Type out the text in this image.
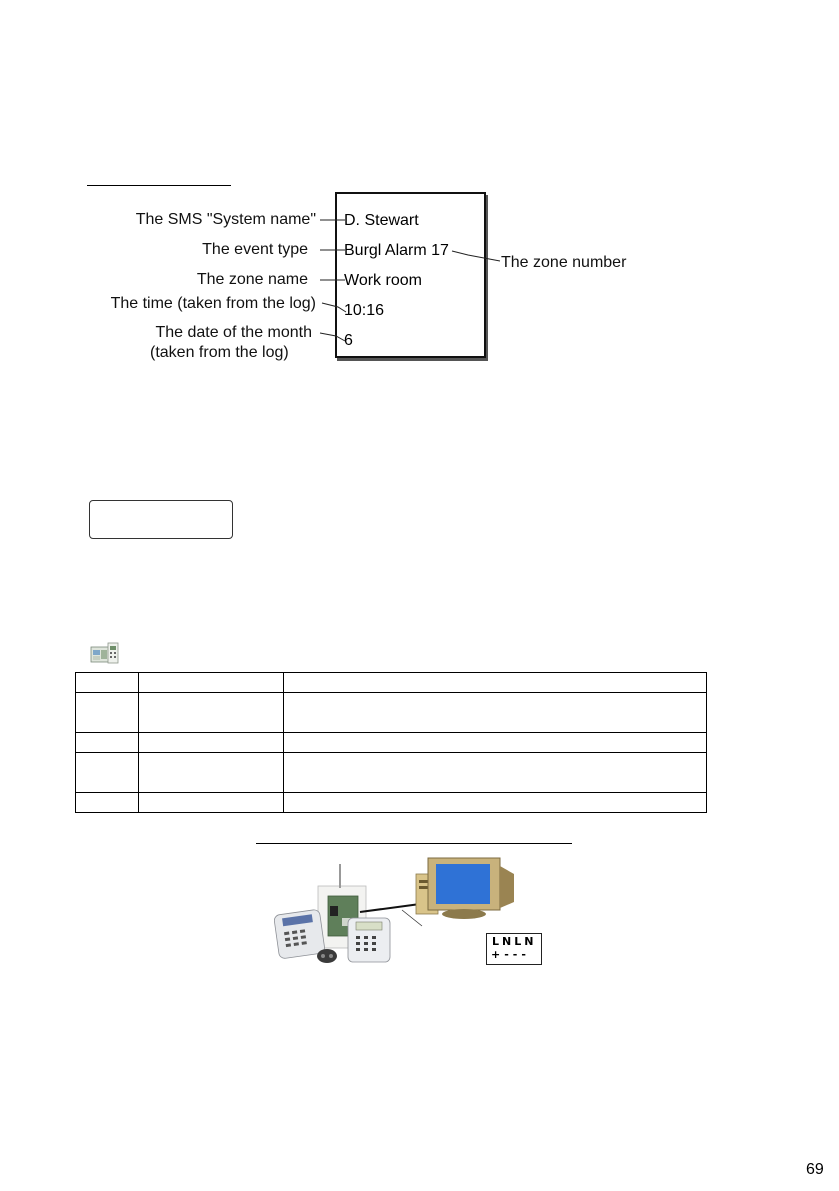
D. Stewart
Burgl Alarm 17
Work room
10:16
6
The SMS "System name"
The event type
The zone name
The time (taken from the log)
The date of the month
(taken from the log)
The zone number

LNLN
+---
69
